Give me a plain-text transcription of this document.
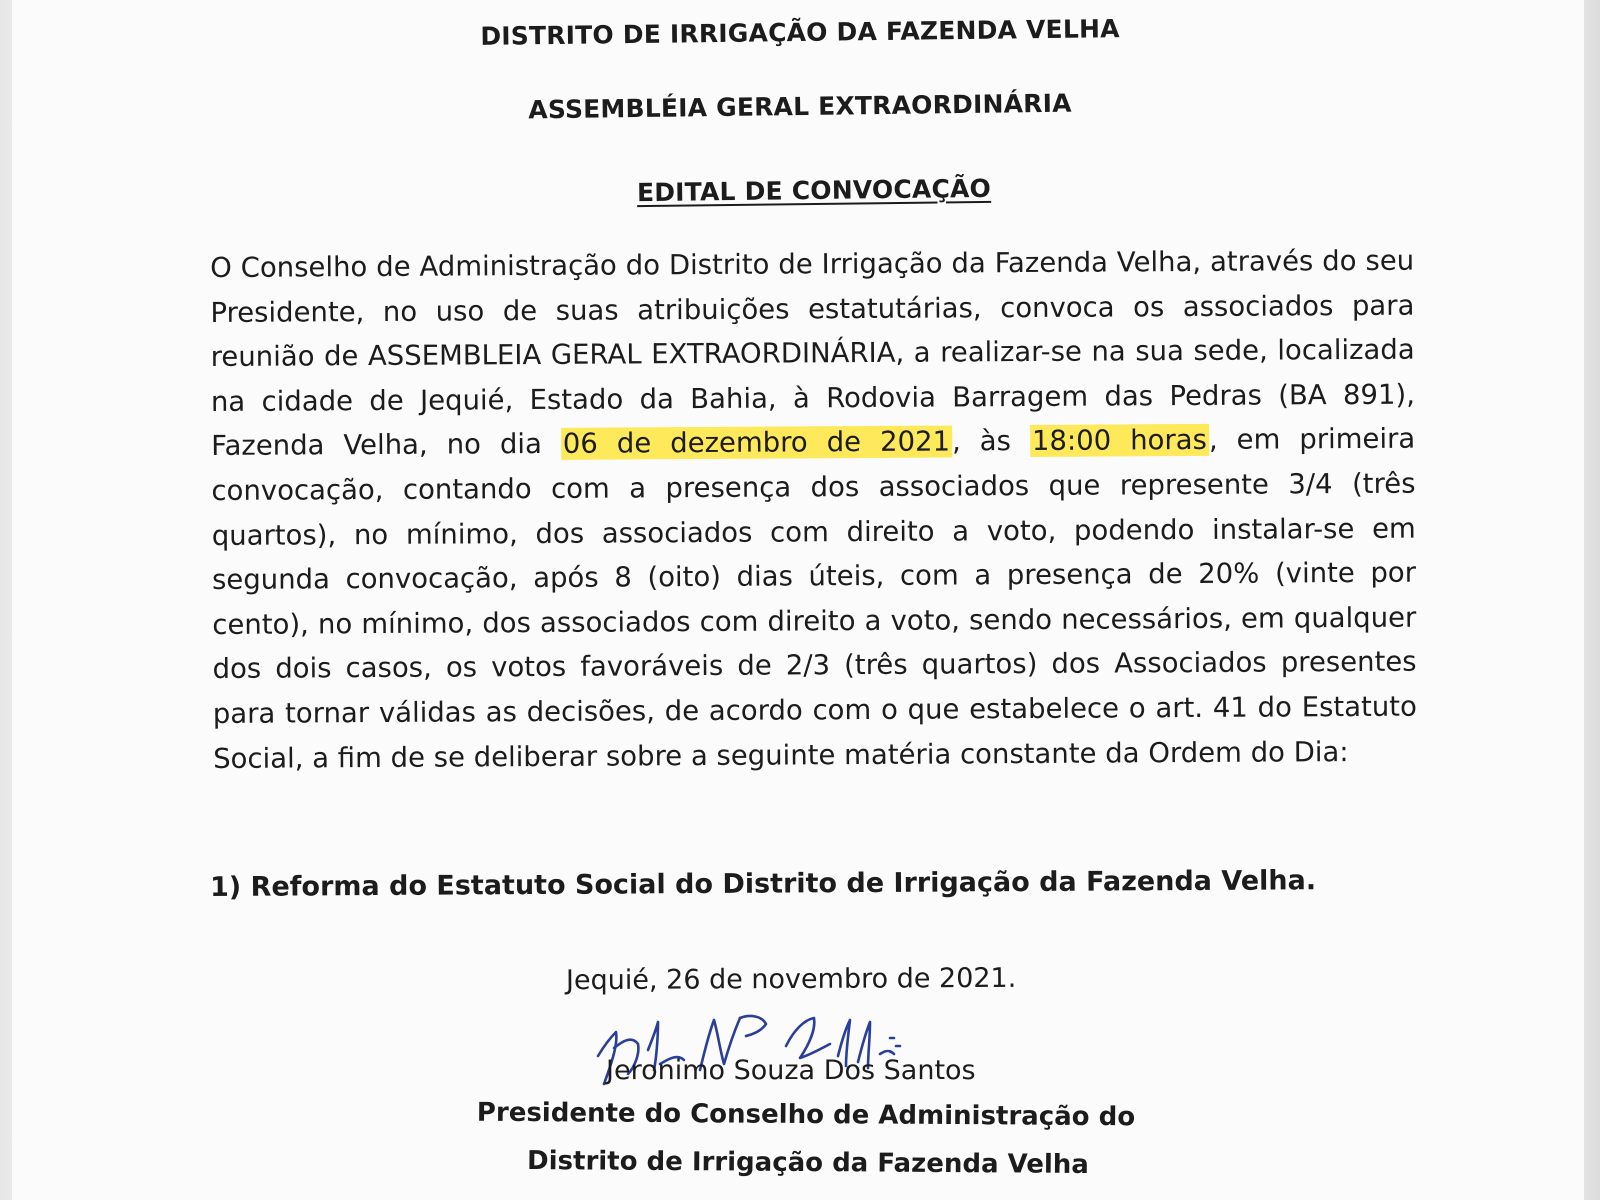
DISTRITO DE IRRIGAÇÃO DA FAZENDA VELHA

ASSEMBLÉIA GERAL EXTRAORDINÁRIA

EDITAL DE CONVOCAÇÃO

O Conselho de Administração do Distrito de Irrigação da Fazenda Velha, através do seu Presidente, no uso de suas atribuições estatutárias, convoca os associados para reunião de ASSEMBLEIA GERAL EXTRAORDINÁRIA, a realizar-se na sua sede, localizada na cidade de Jequié, Estado da Bahia, à Rodovia Barragem das Pedras (BA 891), Fazenda Velha, no dia 06 de dezembro de 2021, às 18:00 horas, em primeira convocação, contando com a presença dos associados que represente 3/4 (três quartos), no mínimo, dos associados com direito a voto, podendo instalar-se em segunda convocação, após 8 (oito) dias úteis, com a presença de 20% (vinte por cento), no mínimo, dos associados com direito a voto, sendo necessários, em qualquer dos dois casos, os votos favoráveis de 2/3 (três quartos) dos Associados presentes para tornar válidas as decisões, de acordo com o que estabelece o art. 41 do Estatuto Social, a fim de se deliberar sobre a seguinte matéria constante da Ordem do Dia:

1) Reforma do Estatuto Social do Distrito de Irrigação da Fazenda Velha.

Jequié, 26 de novembro de 2021.

Jeronimo Souza Dos Santos

Presidente do Conselho de Administração do

Distrito de Irrigação da Fazenda Velha
